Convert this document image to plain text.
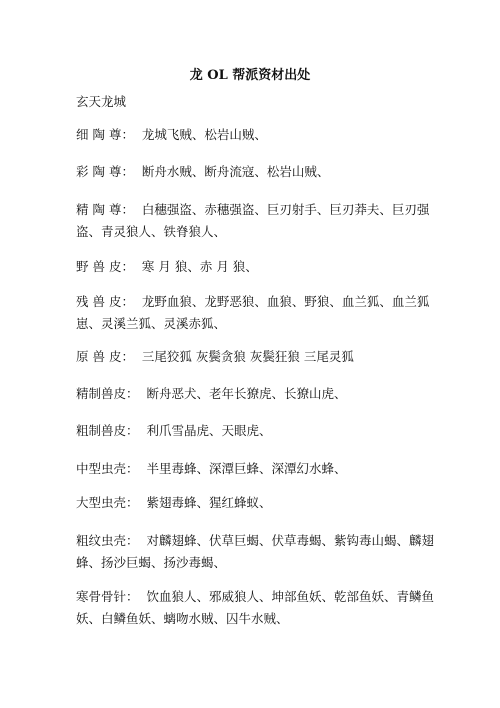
龙 OL 帮派资材出处
玄天龙城
细 陶 尊： 龙城飞贼、松岩山贼、
彩 陶 尊： 断舟水贼、断舟流寇、松岩山贼、
精 陶 尊： 白穗强盗、赤穗强盗、巨刃射手、巨刃莽夫、巨刃强盗、青灵狼人、铁脊狼人、
野 兽 皮： 寒 月 狼、赤 月 狼、
残 兽 皮： 龙野血狼、龙野恶狼、血狼、野狼、血兰狐、血兰狐崽、灵溪兰狐、灵溪赤狐、
原 兽 皮： 三尾狡狐 灰鬓贪狼 灰鬓狂狼 三尾灵狐
精制兽皮： 断舟恶犬、老年长獠虎、长獠山虎、
粗制兽皮： 利爪雪晶虎、天眼虎、
中型虫壳： 半里毒蜂、深潭巨蜂、深潭幻水蜂、
大型虫壳： 紫翅毒蜂、猩红蜂蚁、
粗纹虫壳： 对麟翅蜂、伏草巨蝎、伏草毒蝎、紫钩毒山蝎、麟翅蜂、扬沙巨蝎、扬沙毒蝎、
寒骨骨针： 饮血狼人、邪威狼人、坤部鱼妖、乾部鱼妖、青鳞鱼妖、白鳞鱼妖、螭吻水贼、囚牛水贼、
